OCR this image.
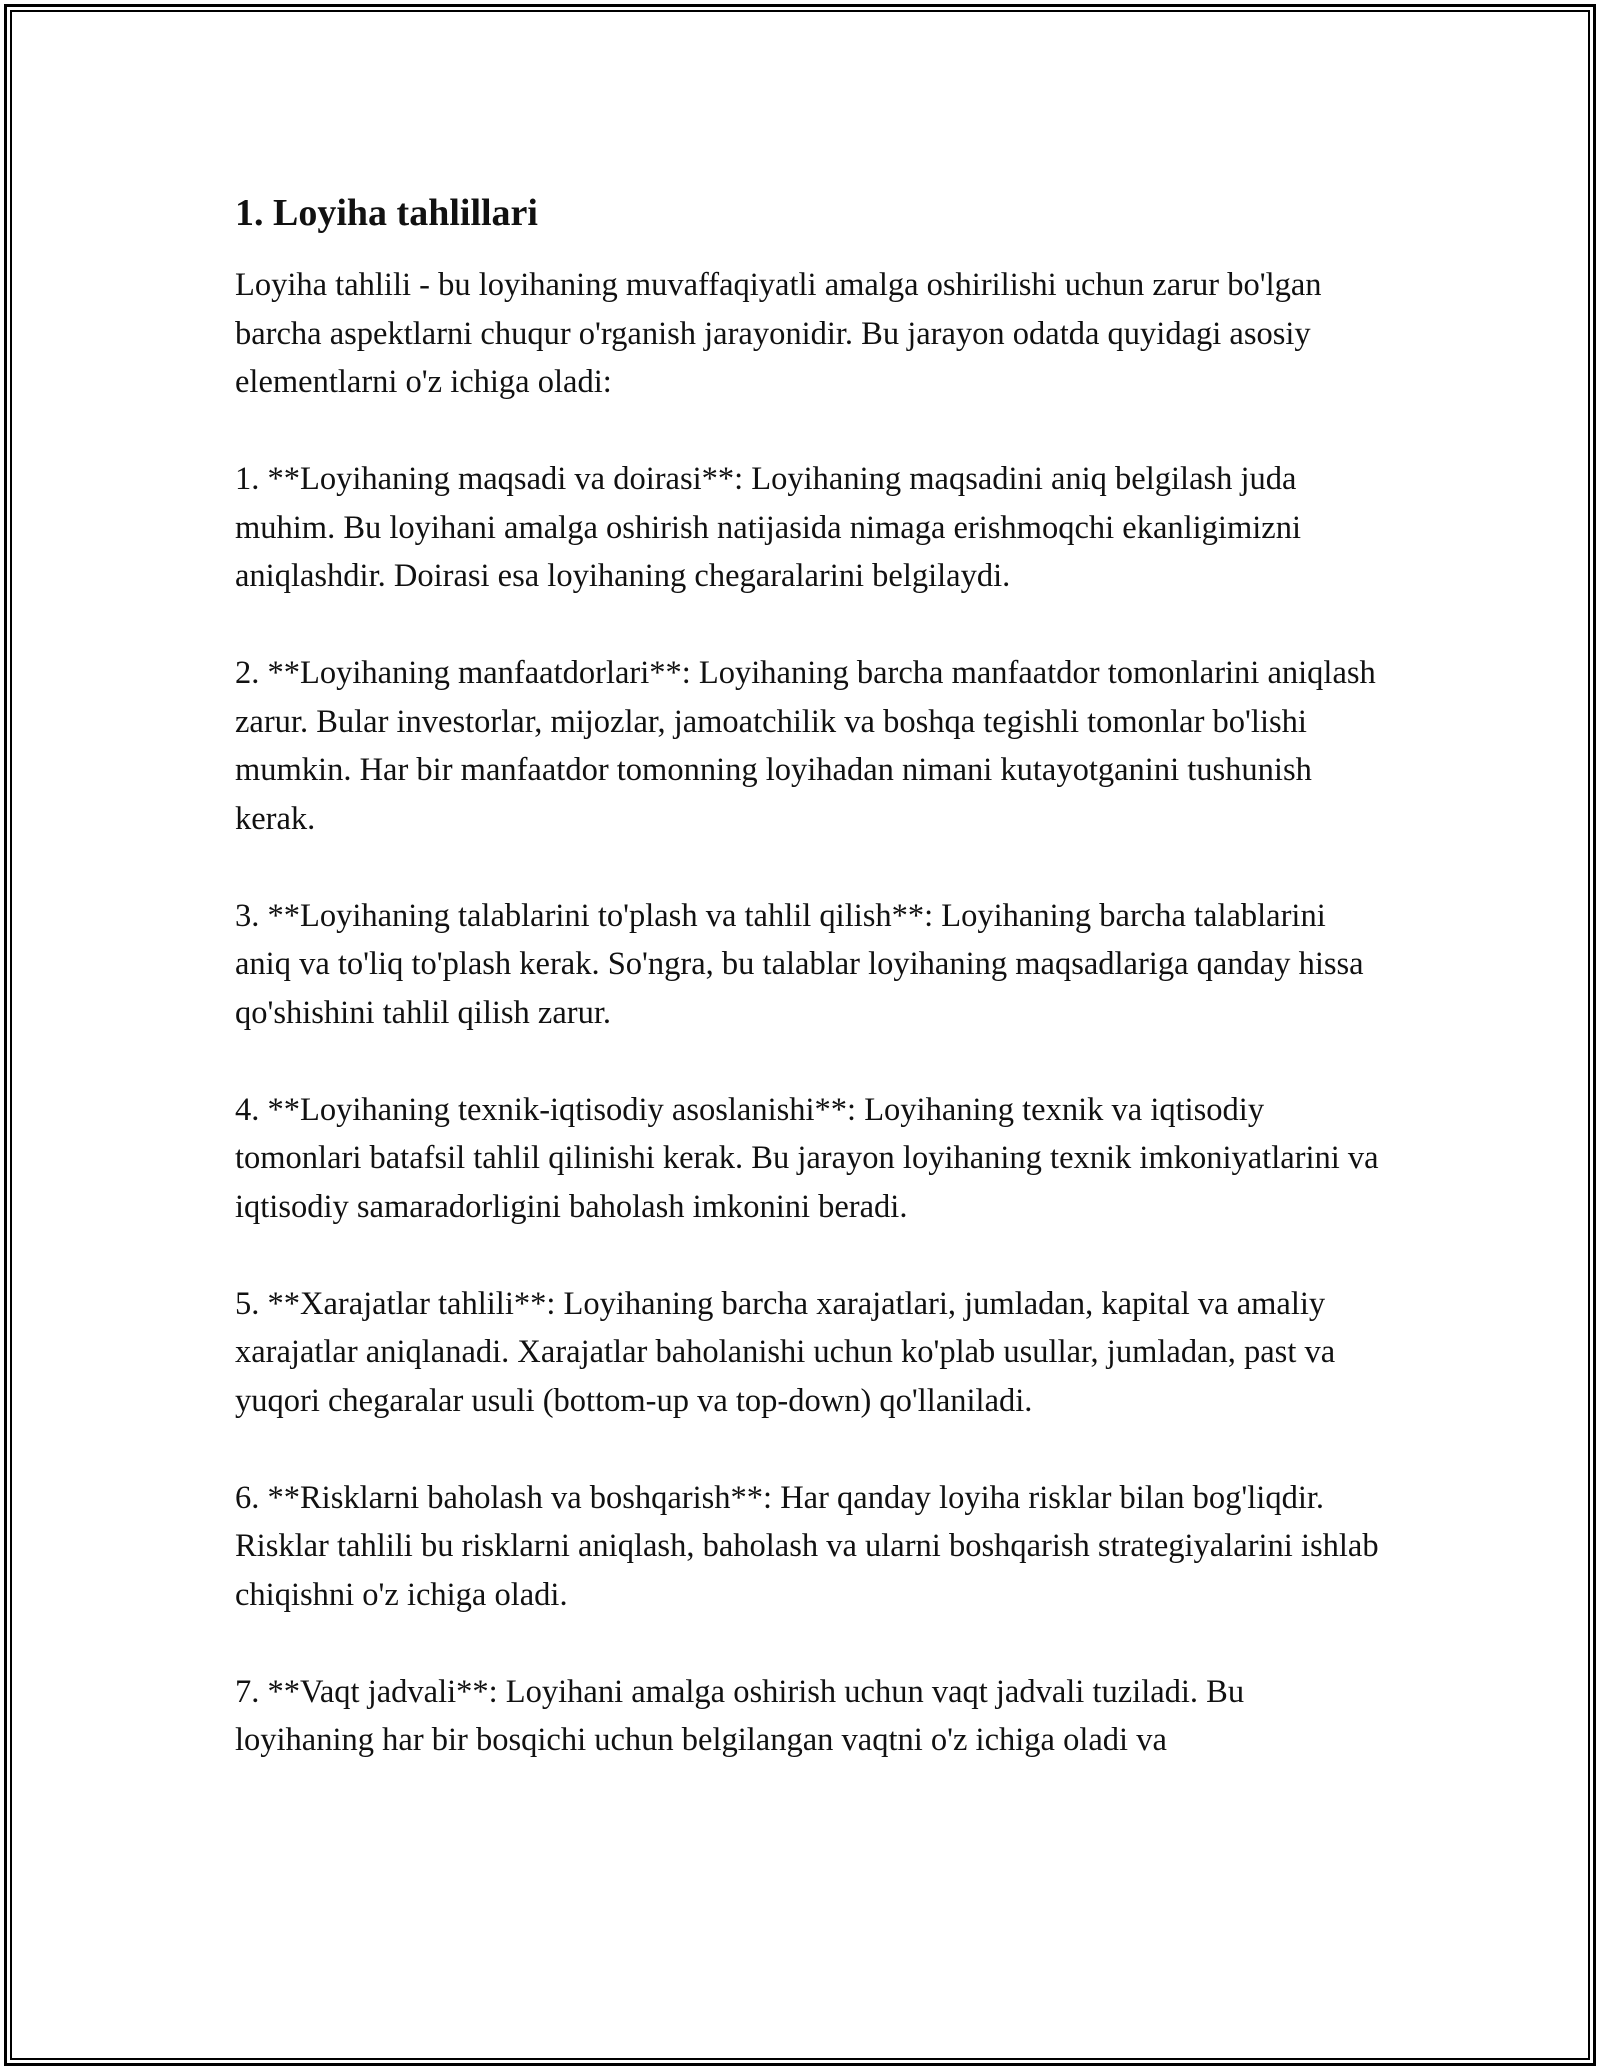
1. Loyiha tahlillari

Loyiha tahlili - bu loyihaning muvaffaqiyatli amalga oshirilishi uchun zarur bo'lgan barcha aspektlarni chuqur o'rganish jarayonidir. Bu jarayon odatda quyidagi asosiy elementlarni o'z ichiga oladi:

1. **Loyihaning maqsadi va doirasi**: Loyihaning maqsadini aniq belgilash juda muhim. Bu loyihani amalga oshirish natijasida nimaga erishmoqchi ekanligimizni aniqlashdir. Doirasi esa loyihaning chegaralarini belgilaydi.

2. **Loyihaning manfaatdorlari**: Loyihaning barcha manfaatdor tomonlarini aniqlash zarur. Bular investorlar, mijozlar, jamoatchilik va boshqa tegishli tomonlar bo'lishi mumkin. Har bir manfaatdor tomonning loyihadan nimani kutayotganini tushunish kerak.

3. **Loyihaning talablarini to'plash va tahlil qilish**: Loyihaning barcha talablarini aniq va to'liq to'plash kerak. So'ngra, bu talablar loyihaning maqsadlariga qanday hissa qo'shishini tahlil qilish zarur.

4. **Loyihaning texnik-iqtisodiy asoslanishi**: Loyihaning texnik va iqtisodiy tomonlari batafsil tahlil qilinishi kerak. Bu jarayon loyihaning texnik imkoniyatlarini va iqtisodiy samaradorligini baholash imkonini beradi.

5. **Xarajatlar tahlili**: Loyihaning barcha xarajatlari, jumladan, kapital va amaliy xarajatlar aniqlanadi. Xarajatlar baholanishi uchun ko'plab usullar, jumladan, past va yuqori chegaralar usuli (bottom-up va top-down) qo'llaniladi.

6. **Risklarni baholash va boshqarish**: Har qanday loyiha risklar bilan bog'liqdir. Risklar tahlili bu risklarni aniqlash, baholash va ularni boshqarish strategiyalarini ishlab chiqishni o'z ichiga oladi.

7. **Vaqt jadvali**: Loyihani amalga oshirish uchun vaqt jadvali tuziladi. Bu loyihaning har bir bosqichi uchun belgilangan vaqtni o'z ichiga oladi va
